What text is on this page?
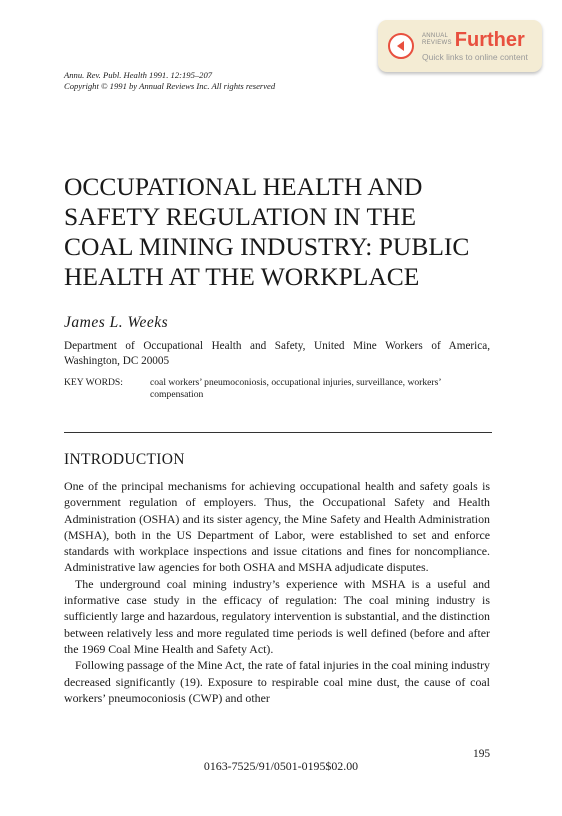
ANNUAL
REVIEWS Further
Quick links to online content
Annu. Rev. Publ. Health 1991. 12:195–207
Copyright © 1991 by Annual Reviews Inc. All rights reserved
OCCUPATIONAL HEALTH AND
SAFETY REGULATION IN THE
COAL MINING INDUSTRY: PUBLIC
HEALTH AT THE WORKPLACE
James L. Weeks
Department of Occupational Health and Safety, United Mine Workers of America, Washington, DC 20005
KEY WORDS:	coal workers’ pneumoconiosis, occupational injuries, surveillance, workers’ compensation
INTRODUCTION

One of the principal mechanisms for achieving occupational health and safety goals is government regulation of employers. Thus, the Occupational Safety and Health Administration (OSHA) and its sister agency, the Mine Safety and Health Administration (MSHA), both in the US Department of Labor, were established to set and enforce standards with workplace inspections and issue citations and fines for noncompliance. Administrative law agencies for both OSHA and MSHA adjudicate disputes.

The underground coal mining industry’s experience with MSHA is a useful and informative case study in the efficacy of regulation: The coal mining industry is sufficiently large and hazardous, regulatory intervention is substantial, and the distinction between relatively less and more regulated time periods is well defined (before and after the 1969 Coal Mine Health and Safety Act).

Following passage of the Mine Act, the rate of fatal injuries in the coal mining industry decreased significantly (19). Exposure to respirable coal mine dust, the cause of coal workers’ pneumoconiosis (CWP) and other

195
0163-7525/91/0501-0195$02.00
